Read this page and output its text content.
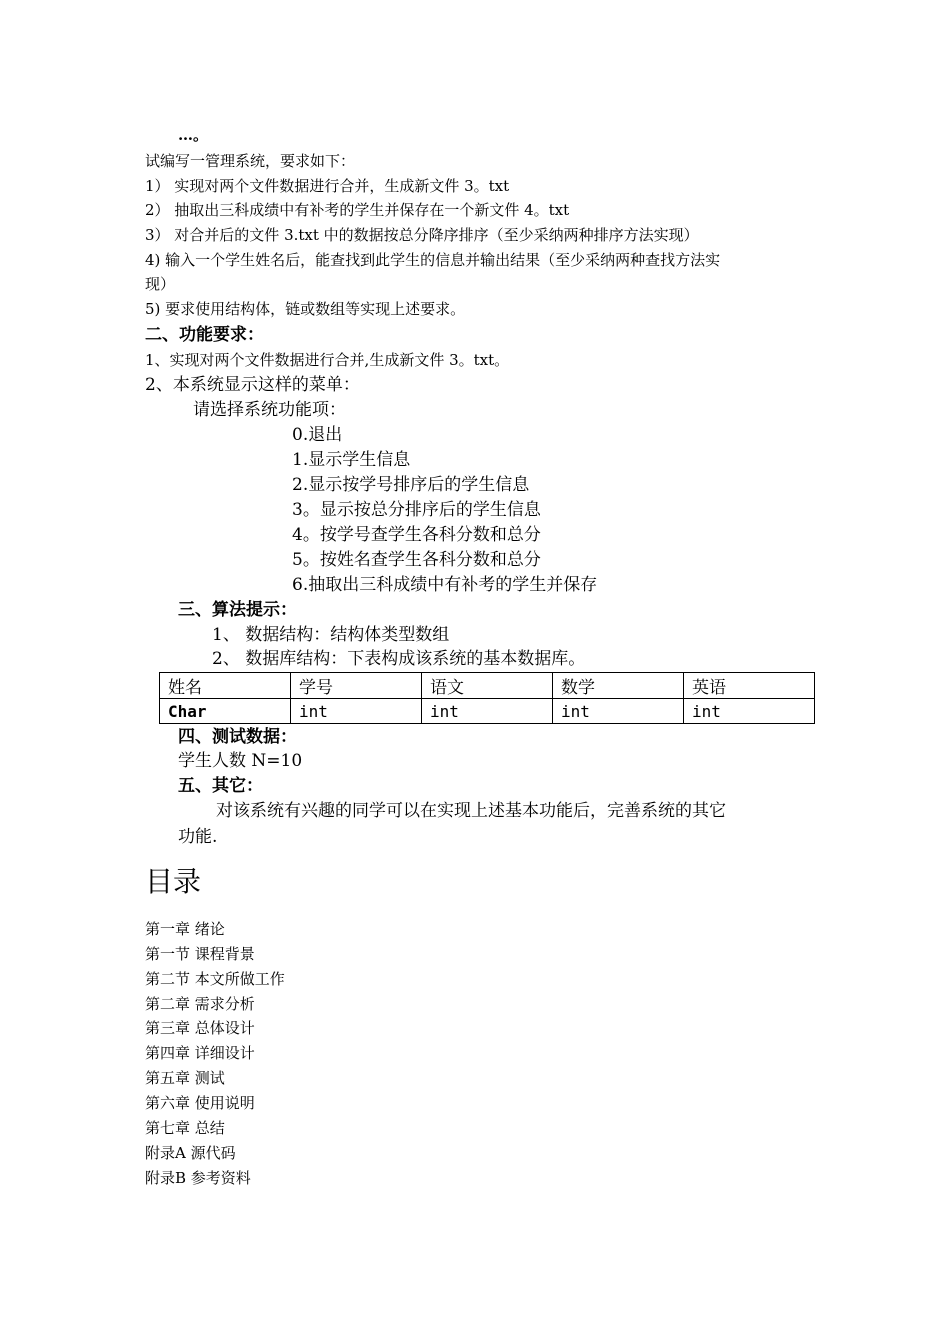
…。
试编写一管理系统，要求如下：
1） 实现对两个文件数据进行合并，生成新文件 3。txt
2） 抽取出三科成绩中有补考的学生并保存在一个新文件 4。txt
3） 对合并后的文件 3.txt 中的数据按总分降序排序（至少采纳两种排序方法实现）
4) 输入一个学生姓名后，能查找到此学生的信息并输出结果（至少采纳两种查找方法实
现）
5) 要求使用结构体，链或数组等实现上述要求。
二、功能要求：
1、实现对两个文件数据进行合并,生成新文件 3。txt。
2、本系统显示这样的菜单：
请选择系统功能项：
0.退出
1.显示学生信息
2.显示按学号排序后的学生信息
3。显示按总分排序后的学生信息
4。按学号查学生各科分数和总分
5。按姓名查学生各科分数和总分
6.抽取出三科成绩中有补考的学生并保存
三、算法提示：
1、 数据结构：结构体类型数组
2、 数据库结构：下表构成该系统的基本数据库。
姓名	学号	语文	数学	英语
Char	int	int	int	int
四、测试数据：
学生人数 N=10
五、其它：
对该系统有兴趣的同学可以在实现上述基本功能后，完善系统的其它
功能.
目录
第一章 绪论
第一节 课程背景
第二节 本文所做工作
第二章 需求分析
第三章 总体设计
第四章 详细设计
第五章 测试
第六章 使用说明
第七章 总结
附录A 源代码
附录B 参考资料
